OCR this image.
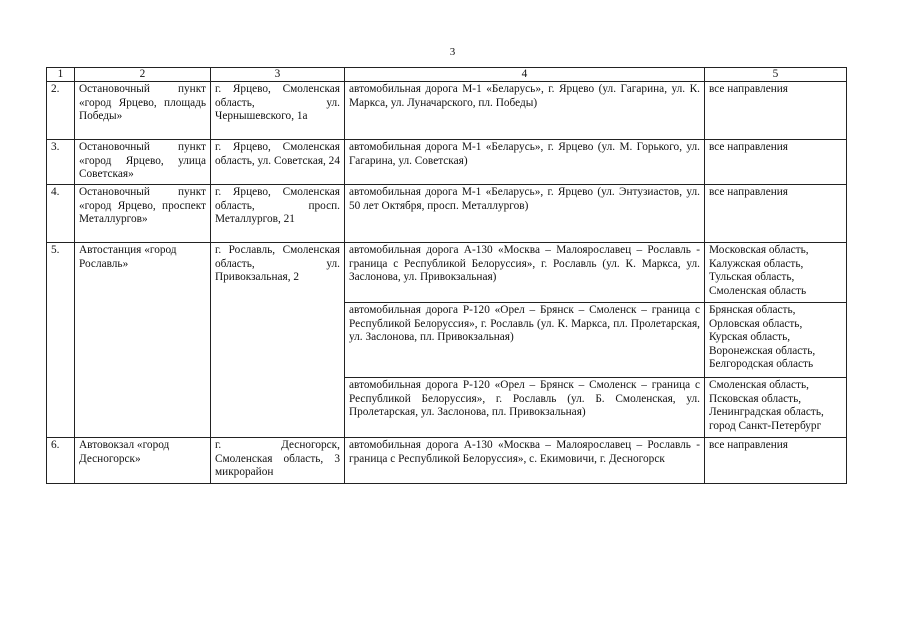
3
1	2	3	4	5
2.	Остановочный пункт «город Ярцево, площадь Победы»	г. Ярцево, Смоленская область, ул. Чернышевского, 1а	автомобильная дорога М-1 «Беларусь», г. Ярцево (ул. Гагарина, ул. К. Маркса, ул. Луначарского, пл. Победы)	все направления

3.	Остановочный пункт «город Ярцево, улица Советская»	г. Ярцево, Смоленская область, ул. Советская, 24	автомобильная дорога М-1 «Беларусь», г. Ярцево (ул. М. Горького, ул. Гагарина, ул. Советская)	все направления

4.	Остановочный пункт «город Ярцево, проспект Металлургов»	г. Ярцево, Смоленская область, просп. Металлургов, 21	автомобильная дорога М-1 «Беларусь», г. Ярцево (ул. Энтузиастов, ул. 50 лет Октября, просп. Металлургов)	все направления

5.	Автостанция «город Рославль»	г. Рославль, Смоленская область, ул. Привокзальная, 2	автомобильная дорога А-130 «Москва – Малоярославец – Рославль - граница с Республикой Белоруссия», г. Рославль (ул. К. Маркса, ул. Заслонова, ул. Привокзальная)	Московская область,
Калужская область,
Тульская область,
Смоленская область

			автомобильная дорога Р-120 «Орел – Брянск – Смоленск – граница с Республикой Белоруссия», г. Рославль (ул. К. Маркса, пл. Пролетарская, ул. Заслонова, пл. Привокзальная)	Брянская область,
Орловская область,
Курская область,
Воронежская область,
Белгородская область

			автомобильная дорога Р-120 «Орел – Брянск – Смоленск – граница с Республикой Белоруссия», г. Рославль (ул. Б. Смоленская, ул. Пролетарская, ул. Заслонова, пл. Привокзальная)	Смоленская область,
Псковская область,
Ленинградская область,
город Санкт-Петербург

6.	Автовокзал «город Десногорск»	г. Десногорск, Смоленская область, 3 микрорайон	автомобильная дорога А-130 «Москва – Малоярославец – Рославль - граница с Республикой Белоруссия», с. Екимовичи, г. Десногорск	все направления
